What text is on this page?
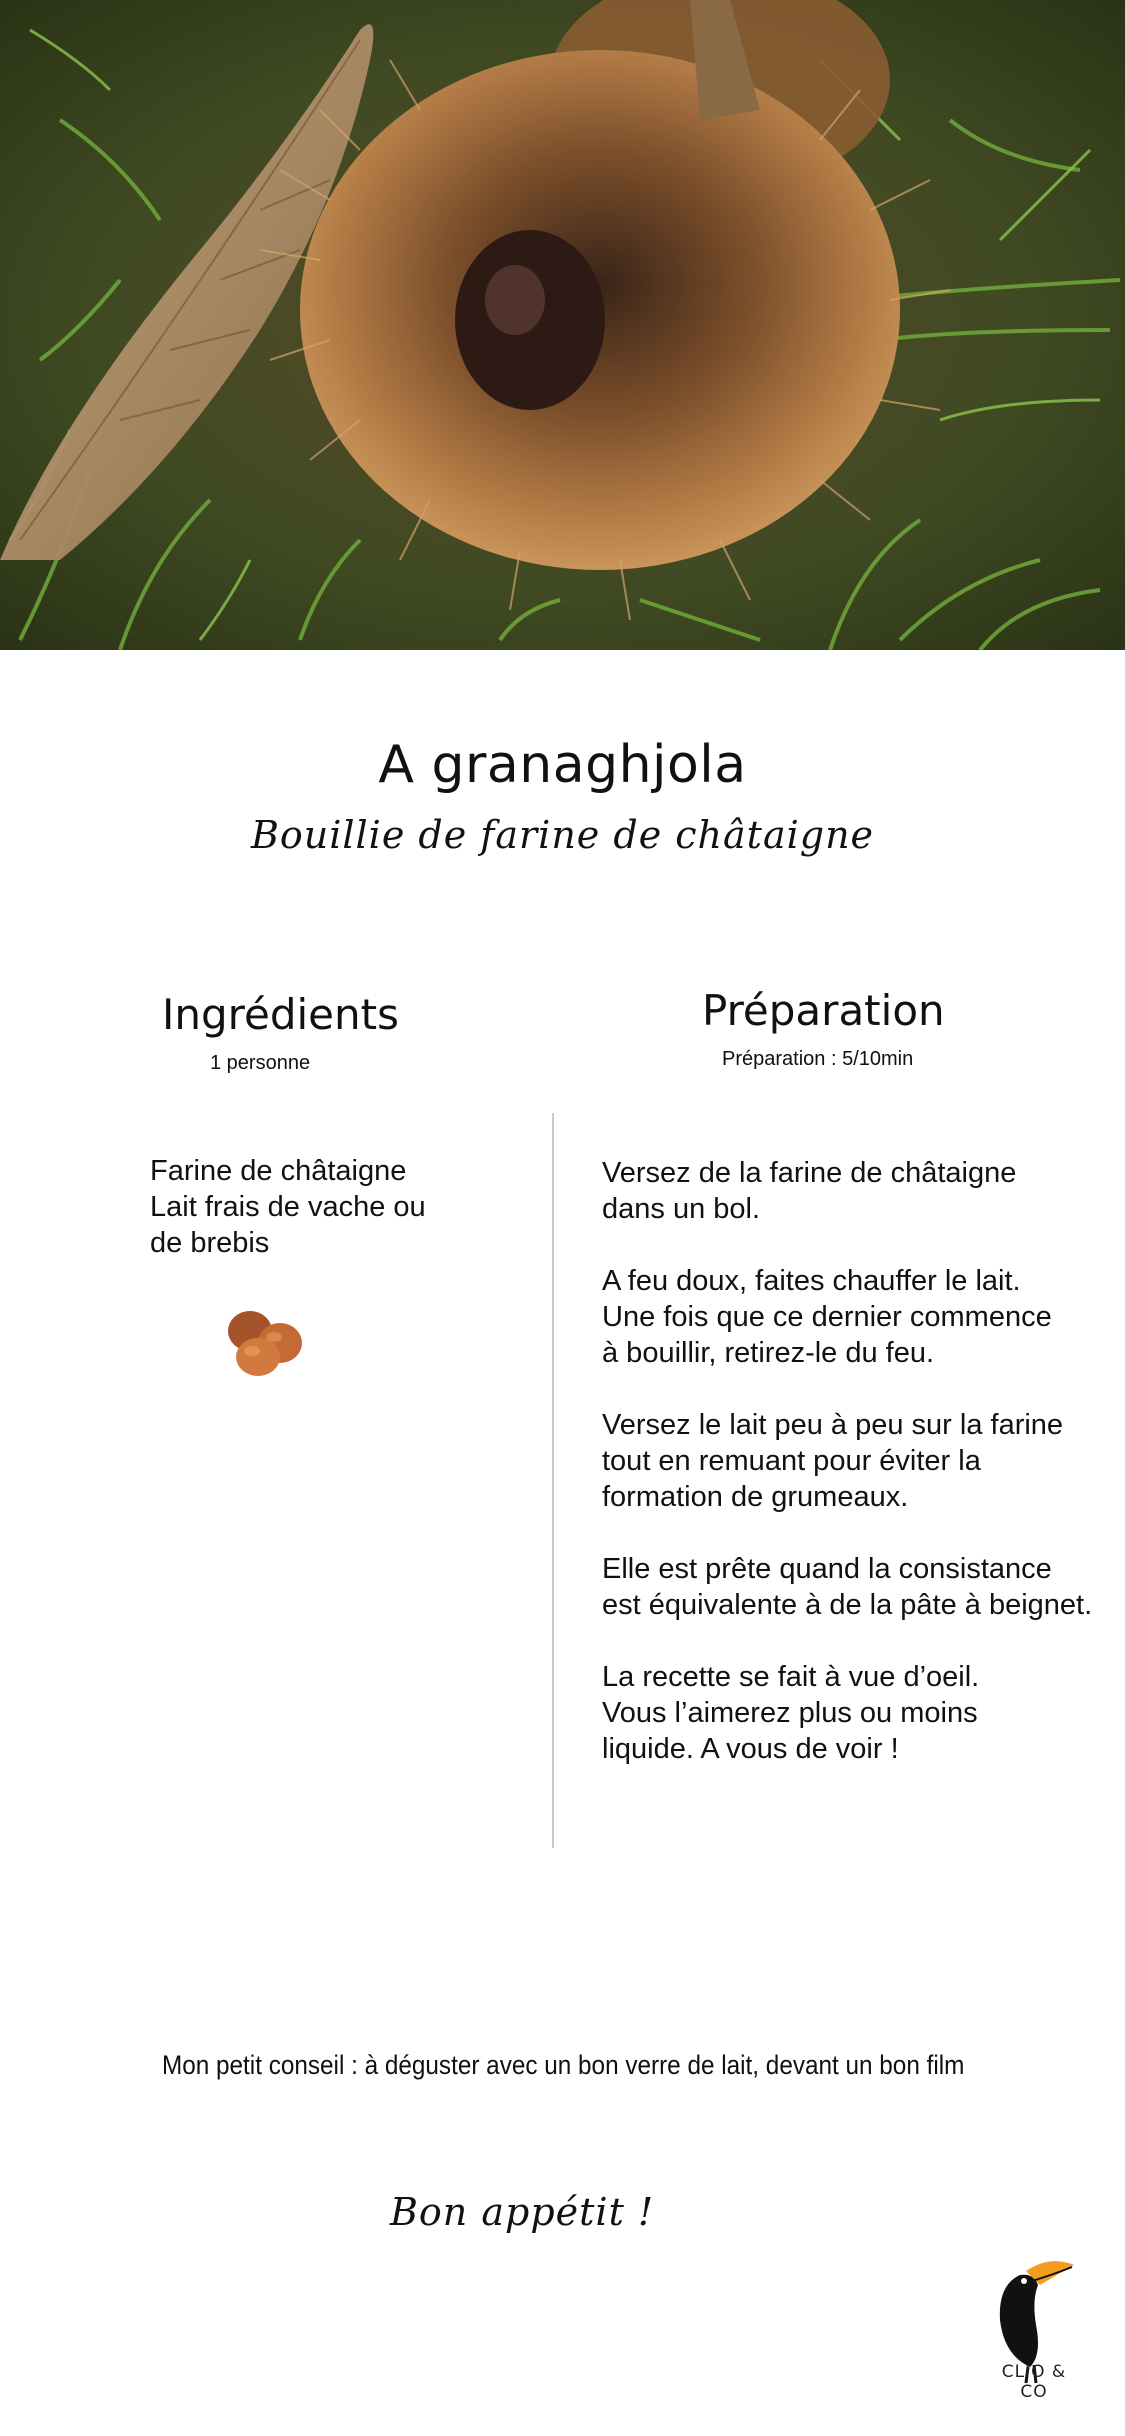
A granaghjola
Bouillie de farine de châtaigne
Ingrédients
1 personne
Préparation
Préparation : 5/10min
Farine de châtaigne
Lait frais de vache ou
de brebis

Versez de la farine de châtaigne
dans un bol.

A feu doux, faites chauffer le lait.
Une fois que ce dernier commence
à bouillir, retirez-le du feu.

Versez le lait peu à peu sur la farine
tout en remuant pour éviter la
formation de grumeaux.

Elle est prête quand la consistance
est équivalente à de la pâte à beignet.

La recette se fait à vue d’oeil.
Vous l’aimerez plus ou moins
liquide. A vous de voir !

Mon petit conseil : à déguster avec un bon verre de lait, devant un bon film
Bon appétit !
CLIO & CO
